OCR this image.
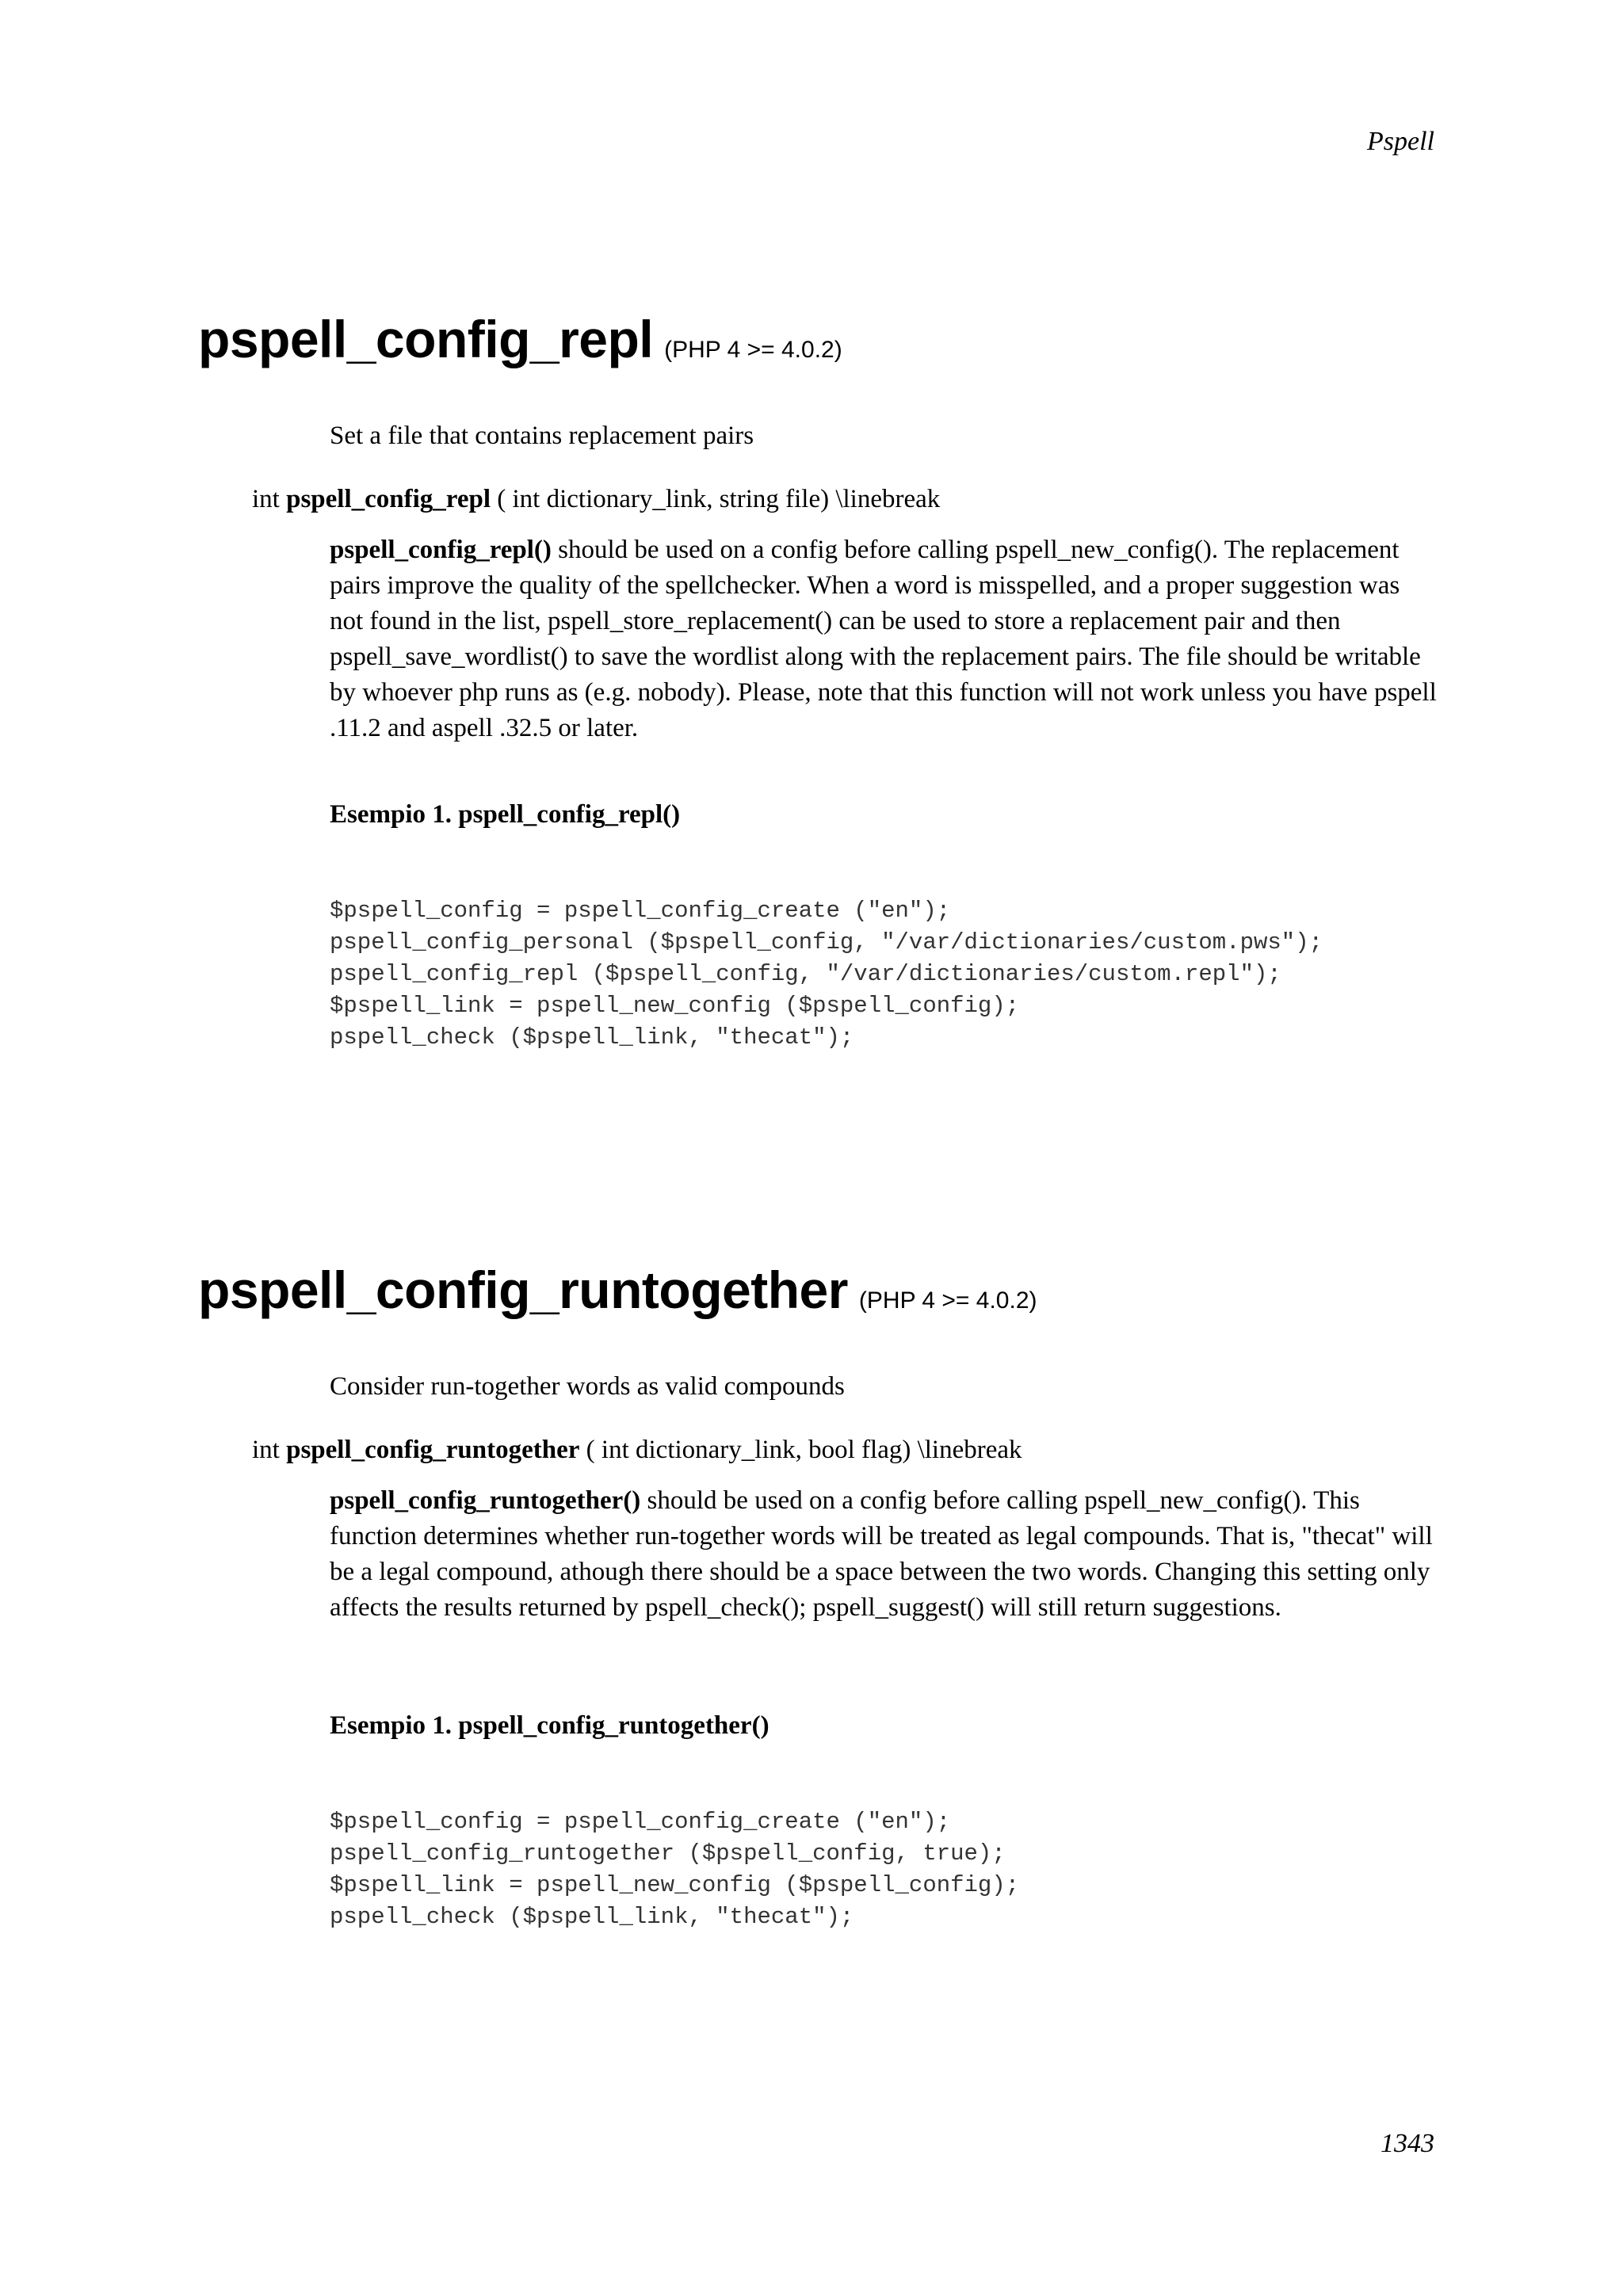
Pspell
pspell_config_repl (PHP 4 >= 4.0.2)

Set a file that contains replacement pairs

int pspell_config_repl ( int dictionary_link, string file) \linebreak

pspell_config_repl() should be used on a config before calling pspell_new_config(). The replacement pairs improve the quality of the spellchecker. When a word is misspelled, and a proper suggestion was not found in the list, pspell_store_replacement() can be used to store a replacement pair and then pspell_save_wordlist() to save the wordlist along with the replacement pairs. The file should be writable by whoever php runs as (e.g. nobody). Please, note that this function will not work unless you have pspell .11.2 and aspell .32.5 or later.

Esempio 1. pspell_config_repl()

$pspell_config = pspell_config_create ("en");
pspell_config_personal ($pspell_config, "/var/dictionaries/custom.pws");
pspell_config_repl ($pspell_config, "/var/dictionaries/custom.repl");
$pspell_link = pspell_new_config ($pspell_config);
pspell_check ($pspell_link, "thecat");
pspell_config_runtogether (PHP 4 >= 4.0.2)

Consider run-together words as valid compounds

int pspell_config_runtogether ( int dictionary_link, bool flag) \linebreak

pspell_config_runtogether() should be used on a config before calling pspell_new_config(). This function determines whether run-together words will be treated as legal compounds. That is, "thecat" will be a legal compound, athough there should be a space between the two words. Changing this setting only affects the results returned by pspell_check(); pspell_suggest() will still return suggestions.

Esempio 1. pspell_config_runtogether()

$pspell_config = pspell_config_create ("en");
pspell_config_runtogether ($pspell_config, true);
$pspell_link = pspell_new_config ($pspell_config);
pspell_check ($pspell_link, "thecat");
1343
